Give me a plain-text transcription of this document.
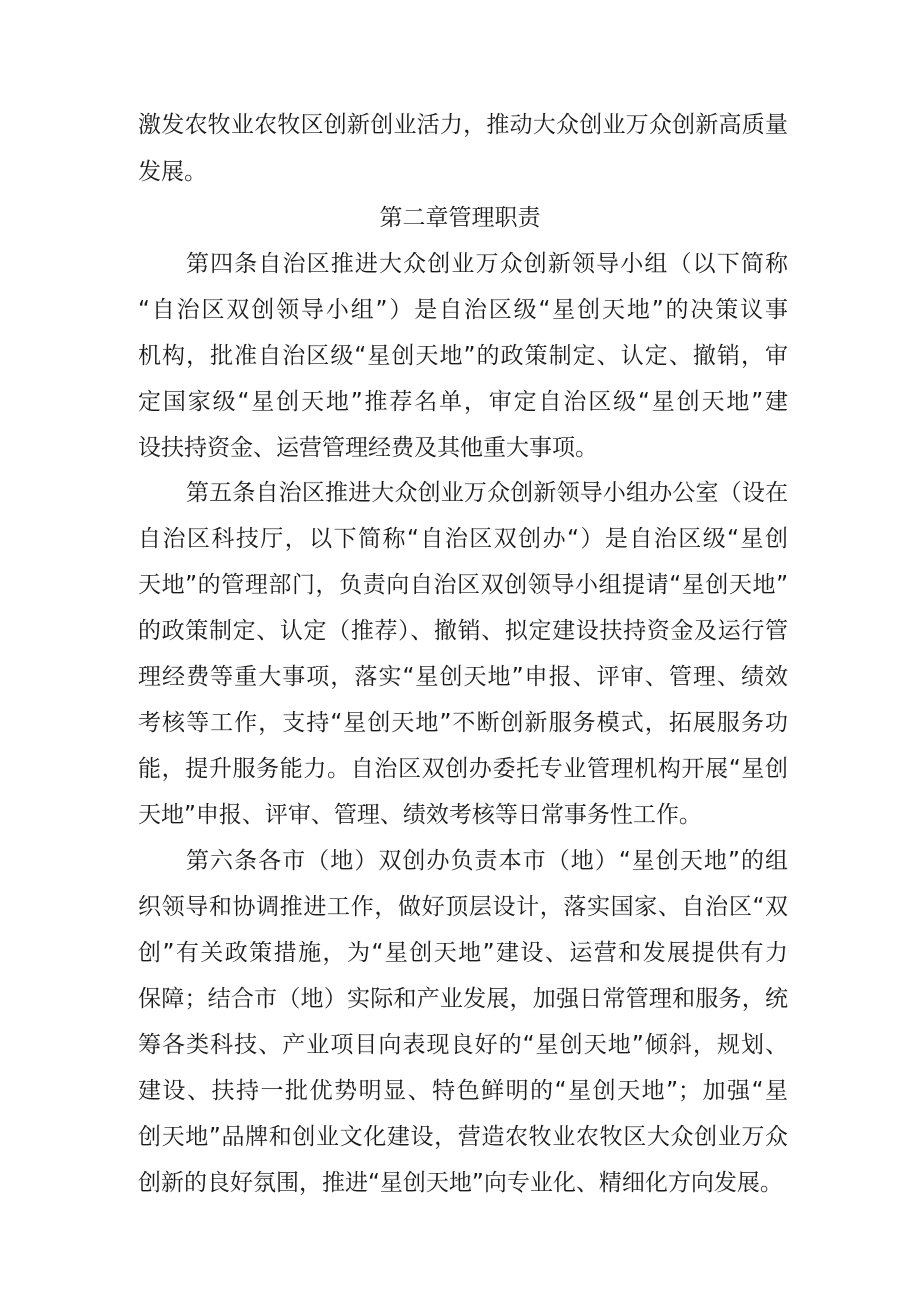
激发农牧业农牧区创新创业活力，推动大众创业万众创新高质量
发展。
第二章管理职责
第四条自治区推进大众创业万众创新领导小组（以下简称
“自治区双创领导小组”）是自治区级“星创天地”的决策议事
机构，批准自治区级“星创天地”的政策制定、认定、撤销，审
定国家级“星创天地”推荐名单，审定自治区级“星创天地”建
设扶持资金、运营管理经费及其他重大事项。
第五条自治区推进大众创业万众创新领导小组办公室（设在
自治区科技厅，以下简称“自治区双创办“）是自治区级“星创
天地”的管理部门，负责向自治区双创领导小组提请“星创天地”
的政策制定、认定（推荐）、撤销、拟定建设扶持资金及运行管
理经费等重大事项，落实“星创天地”申报、评审、管理、绩效
考核等工作，支持“星创天地”不断创新服务模式，拓展服务功
能，提升服务能力。自治区双创办委托专业管理机构开展“星创
天地”申报、评审、管理、绩效考核等日常事务性工作。
第六条各市（地）双创办负责本市（地）“星创天地”的组
织领导和协调推进工作，做好顶层设计，落实国家、自治区“双
创”有关政策措施，为“星创天地”建设、运营和发展提供有力
保障；结合市（地）实际和产业发展，加强日常管理和服务，统
筹各类科技、产业项目向表现良好的“星创天地”倾斜，规划、
建设、扶持一批优势明显、特色鲜明的“星创天地”；加强“星
创天地”品牌和创业文化建设，营造农牧业农牧区大众创业万众
创新的良好氛围，推进“星创天地”向专业化、精细化方向发展。
